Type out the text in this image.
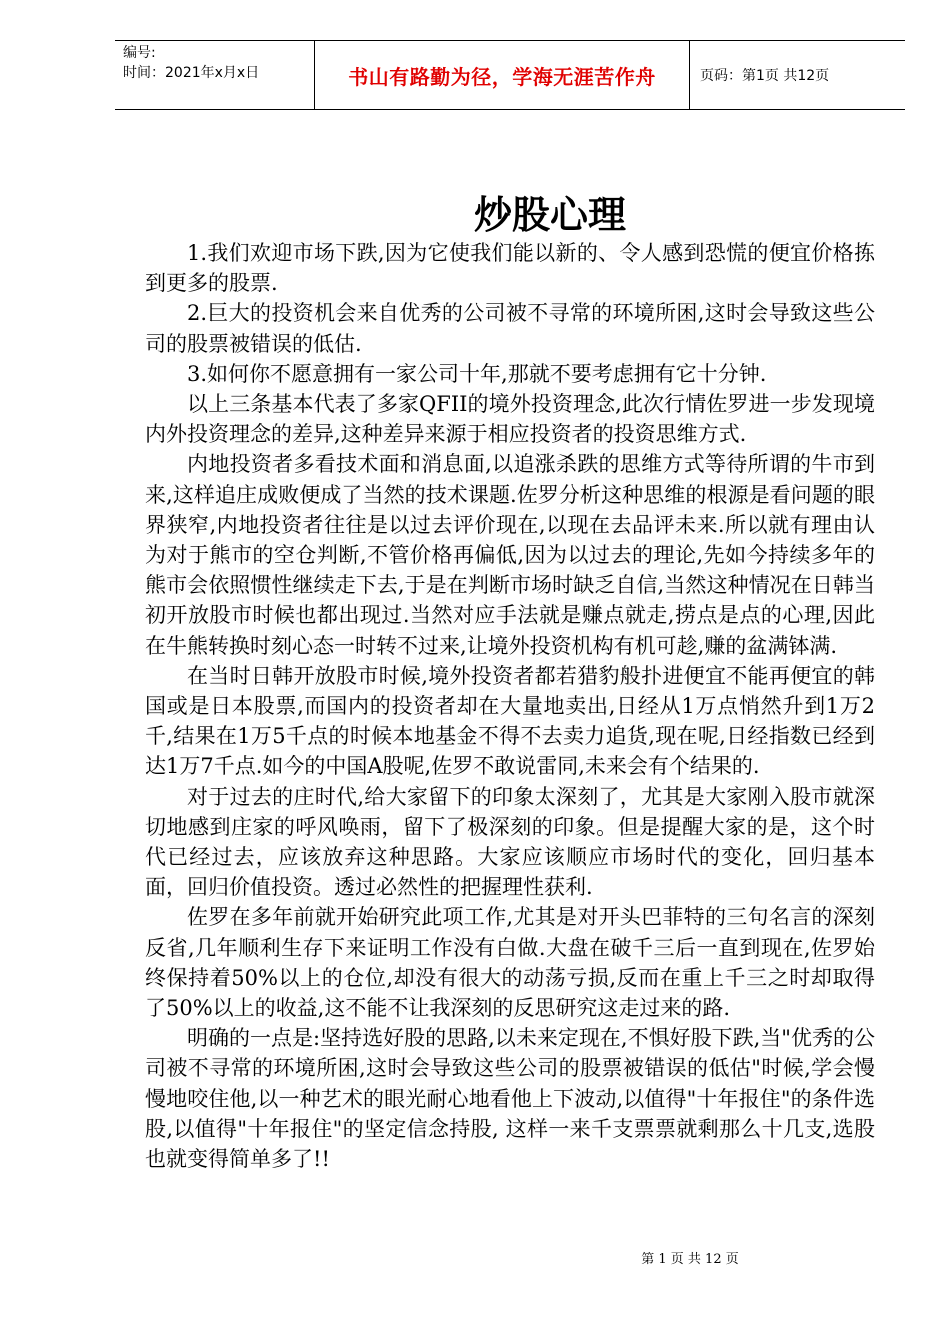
编号:
时间：2021年x月x日	书山有路勤为径，学海无涯苦作舟	页码：第1页 共12页
炒股心理

1.我们欢迎市场下跌,因为它使我们能以新的、令人感到恐慌的便宜价格拣到更多的股票.

2.巨大的投资机会来自优秀的公司被不寻常的环境所困,这时会导致这些公司的股票被错误的低估.

3.如何你不愿意拥有一家公司十年,那就不要考虑拥有它十分钟.

以上三条基本代表了多家QFII的境外投资理念,此次行情佐罗进一步发现境内外投资理念的差异,这种差异来源于相应投资者的投资思维方式.

内地投资者多看技术面和消息面,以追涨杀跌的思维方式等待所谓的牛市到来,这样追庄成败便成了当然的技术课题.佐罗分析这种思维的根源是看问题的眼界狭窄,内地投资者往往是以过去评价现在,以现在去品评未来.所以就有理由认为对于熊市的空仓判断,不管价格再偏低,因为以过去的理论,先如今持续多年的熊市会依照惯性继续走下去,于是在判断市场时缺乏自信,当然这种情况在日韩当初开放股市时候也都出现过.当然对应手法就是赚点就走,捞点是点的心理,因此在牛熊转换时刻心态一时转不过来,让境外投资机构有机可趁,赚的盆满钵满.

在当时日韩开放股市时候,境外投资者都若猎豹般扑进便宜不能再便宜的韩国或是日本股票,而国内的投资者却在大量地卖出,日经从1万点悄然升到1万2千,结果在1万5千点的时候本地基金不得不去卖力追货,现在呢,日经指数已经到达1万7千点.如今的中国A股呢,佐罗不敢说雷同,未来会有个结果的.

对于过去的庄时代,给大家留下的印象太深刻了，尤其是大家刚入股市就深切地感到庄家的呼风唤雨，留下了极深刻的印象。但是提醒大家的是，这个时代已经过去，应该放弃这种思路。大家应该顺应市场时代的变化，回归基本面，回归价值投资。透过必然性的把握理性获利.

佐罗在多年前就开始研究此项工作,尤其是对开头巴菲特的三句名言的深刻反省,几年顺利生存下来证明工作没有白做.大盘在破千三后一直到现在,佐罗始终保持着50%以上的仓位,却没有很大的动荡亏损,反而在重上千三之时却取得了50%以上的收益,这不能不让我深刻的反思研究这走过来的路.

明确的一点是:坚持选好股的思路,以未来定现在,不惧好股下跌,当"优秀的公司被不寻常的环境所困,这时会导致这些公司的股票被错误的低估"时候,学会慢慢地咬住他,以一种艺术的眼光耐心地看他上下波动,以值得"十年报住"的条件选股,以值得"十年报住"的坚定信念持股, 这样一来千支票票就剩那么十几支,选股也就变得简单多了!!

第 1 页 共 12 页
